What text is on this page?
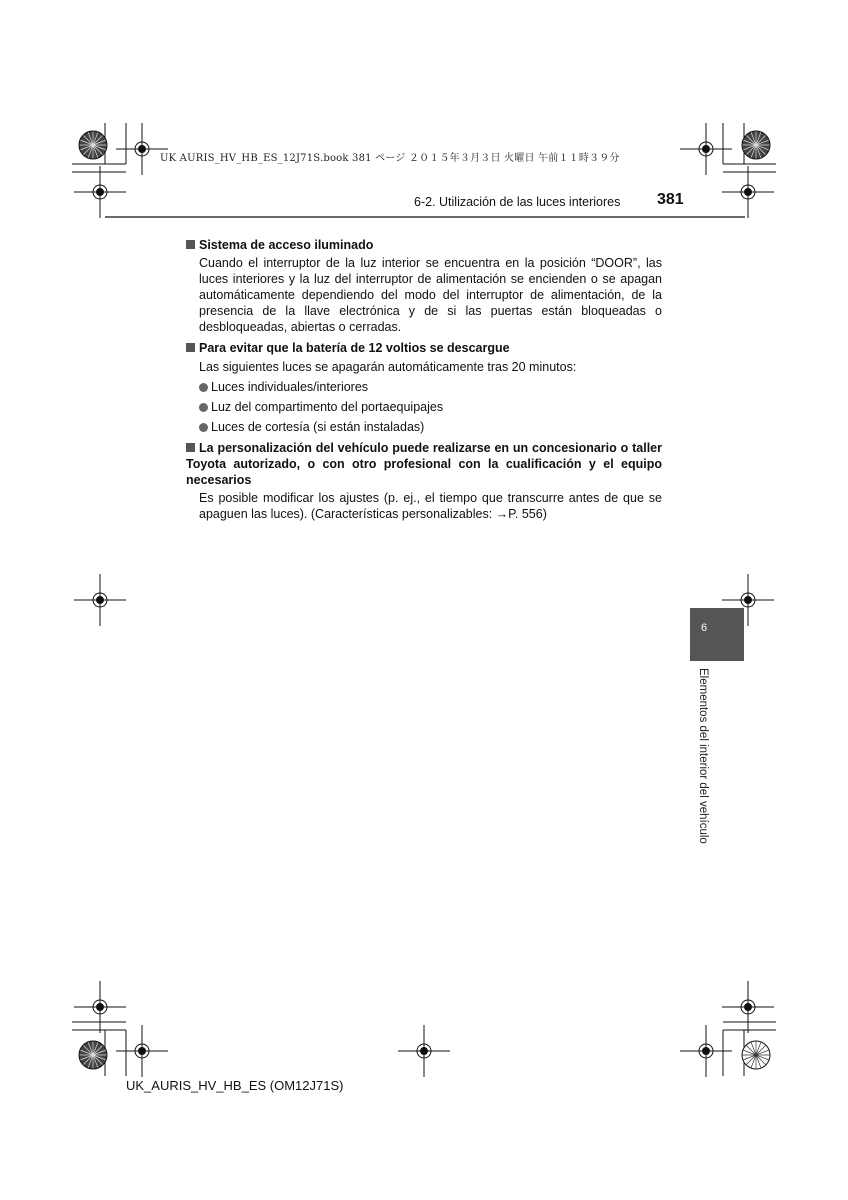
UK AURIS_HV_HB_ES_12J71S.book 381 ページ ２０１５年３月３日 火曜日 午前１１時３９分
6-2. Utilización de las luces interiores 381

Sistema de acceso iluminado

Cuando el interruptor de la luz interior se encuentra en la posición “DOOR”, las luces interiores y la luz del interruptor de alimentación se encienden o se apagan automáticamente dependiendo del modo del interruptor de alimentación, de la presencia de la llave electrónica y de si las puertas están bloqueadas o desbloqueadas, abiertas o cerradas.

Para evitar que la batería de 12 voltios se descargue

Las siguientes luces se apagarán automáticamente tras 20 minutos:

Luces individuales/interiores
Luz del compartimento del portaequipajes
Luces de cortesía (si están instaladas)

La personalización del vehículo puede realizarse en un concesionario o taller Toyota autorizado, o con otro profesional con la cualificación y el equipo necesarios

Es posible modificar los ajustes (p. ej., el tiempo que transcurre antes de que se apaguen las luces). (Características personalizables: →P. 556)

6
Elementos del interior del vehículo
UK_AURIS_HV_HB_ES (OM12J71S)
